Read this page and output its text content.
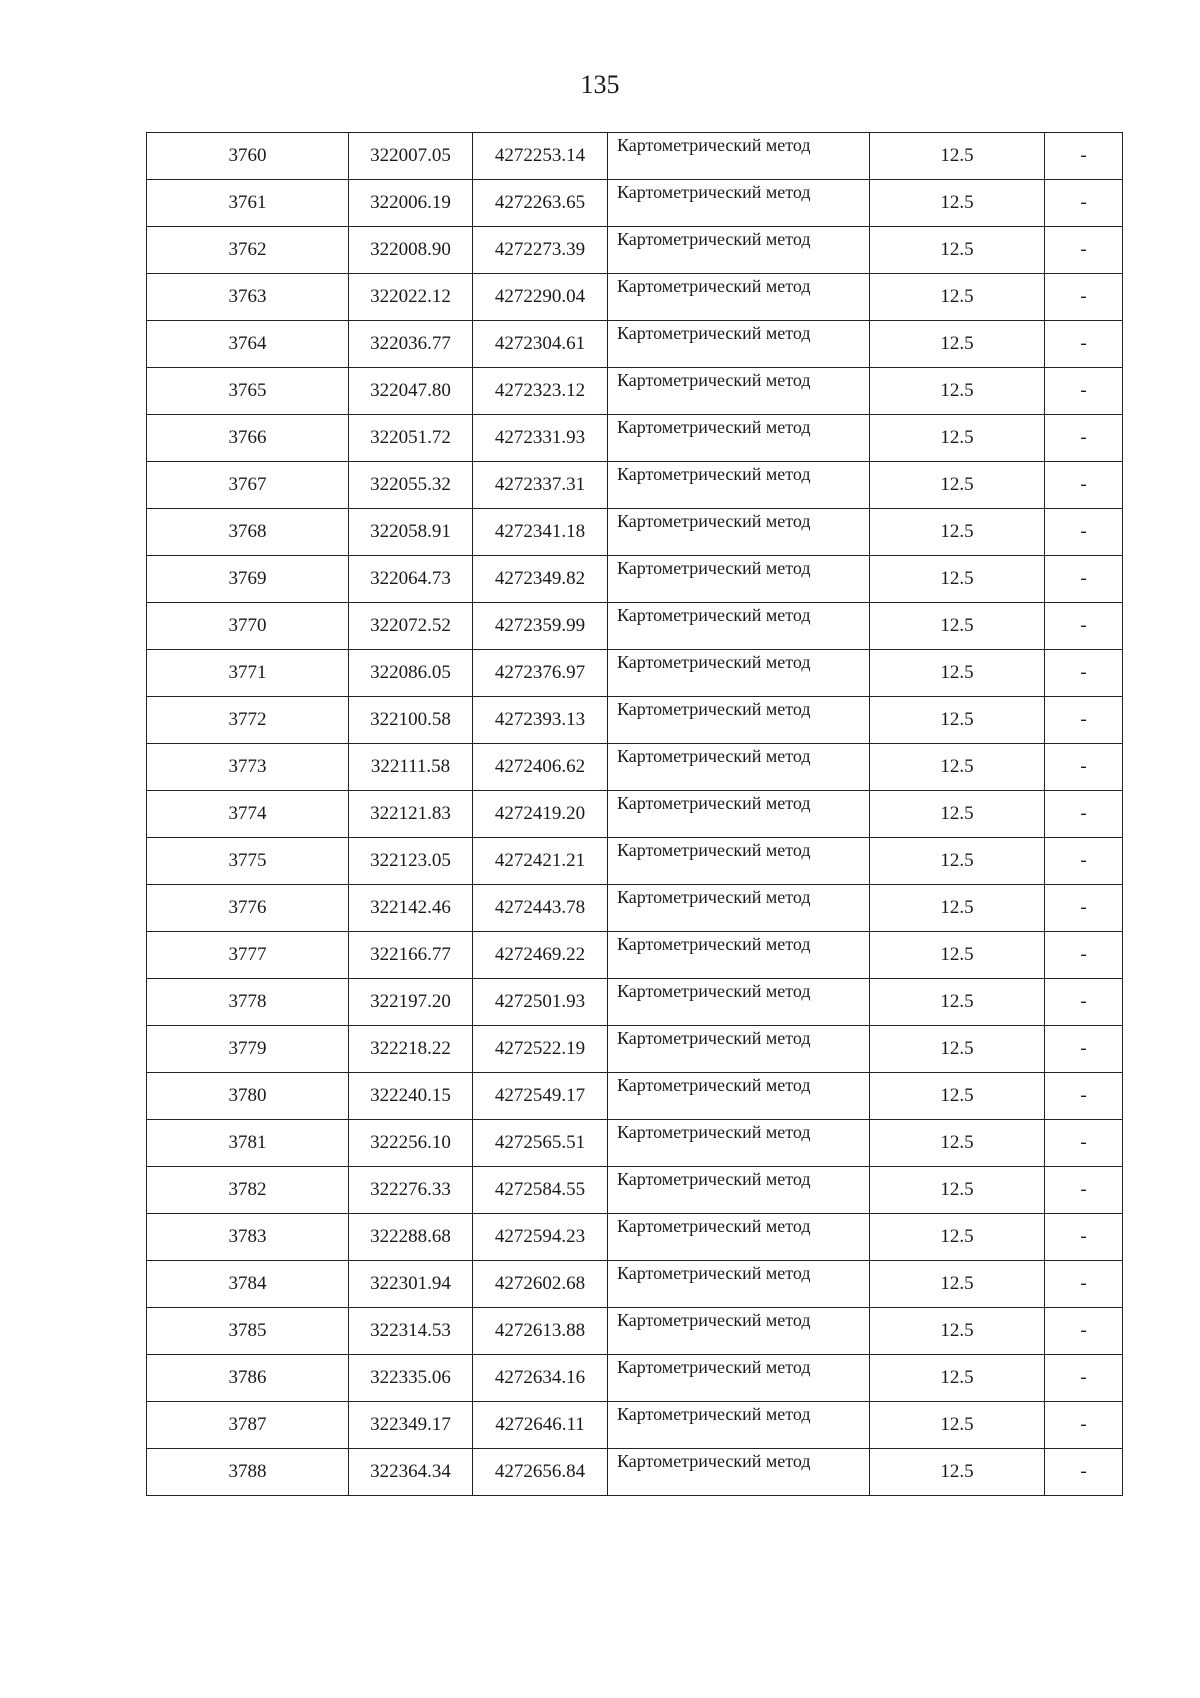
135
3760	322007.05	4272253.14	Картометрический метод	12.5	-
3761	322006.19	4272263.65	Картометрический метод	12.5	-
3762	322008.90	4272273.39	Картометрический метод	12.5	-
3763	322022.12	4272290.04	Картометрический метод	12.5	-
3764	322036.77	4272304.61	Картометрический метод	12.5	-
3765	322047.80	4272323.12	Картометрический метод	12.5	-
3766	322051.72	4272331.93	Картометрический метод	12.5	-
3767	322055.32	4272337.31	Картометрический метод	12.5	-
3768	322058.91	4272341.18	Картометрический метод	12.5	-
3769	322064.73	4272349.82	Картометрический метод	12.5	-
3770	322072.52	4272359.99	Картометрический метод	12.5	-
3771	322086.05	4272376.97	Картометрический метод	12.5	-
3772	322100.58	4272393.13	Картометрический метод	12.5	-
3773	322111.58	4272406.62	Картометрический метод	12.5	-
3774	322121.83	4272419.20	Картометрический метод	12.5	-
3775	322123.05	4272421.21	Картометрический метод	12.5	-
3776	322142.46	4272443.78	Картометрический метод	12.5	-
3777	322166.77	4272469.22	Картометрический метод	12.5	-
3778	322197.20	4272501.93	Картометрический метод	12.5	-
3779	322218.22	4272522.19	Картометрический метод	12.5	-
3780	322240.15	4272549.17	Картометрический метод	12.5	-
3781	322256.10	4272565.51	Картометрический метод	12.5	-
3782	322276.33	4272584.55	Картометрический метод	12.5	-
3783	322288.68	4272594.23	Картометрический метод	12.5	-
3784	322301.94	4272602.68	Картометрический метод	12.5	-
3785	322314.53	4272613.88	Картометрический метод	12.5	-
3786	322335.06	4272634.16	Картометрический метод	12.5	-
3787	322349.17	4272646.11	Картометрический метод	12.5	-
3788	322364.34	4272656.84	Картометрический метод	12.5	-
